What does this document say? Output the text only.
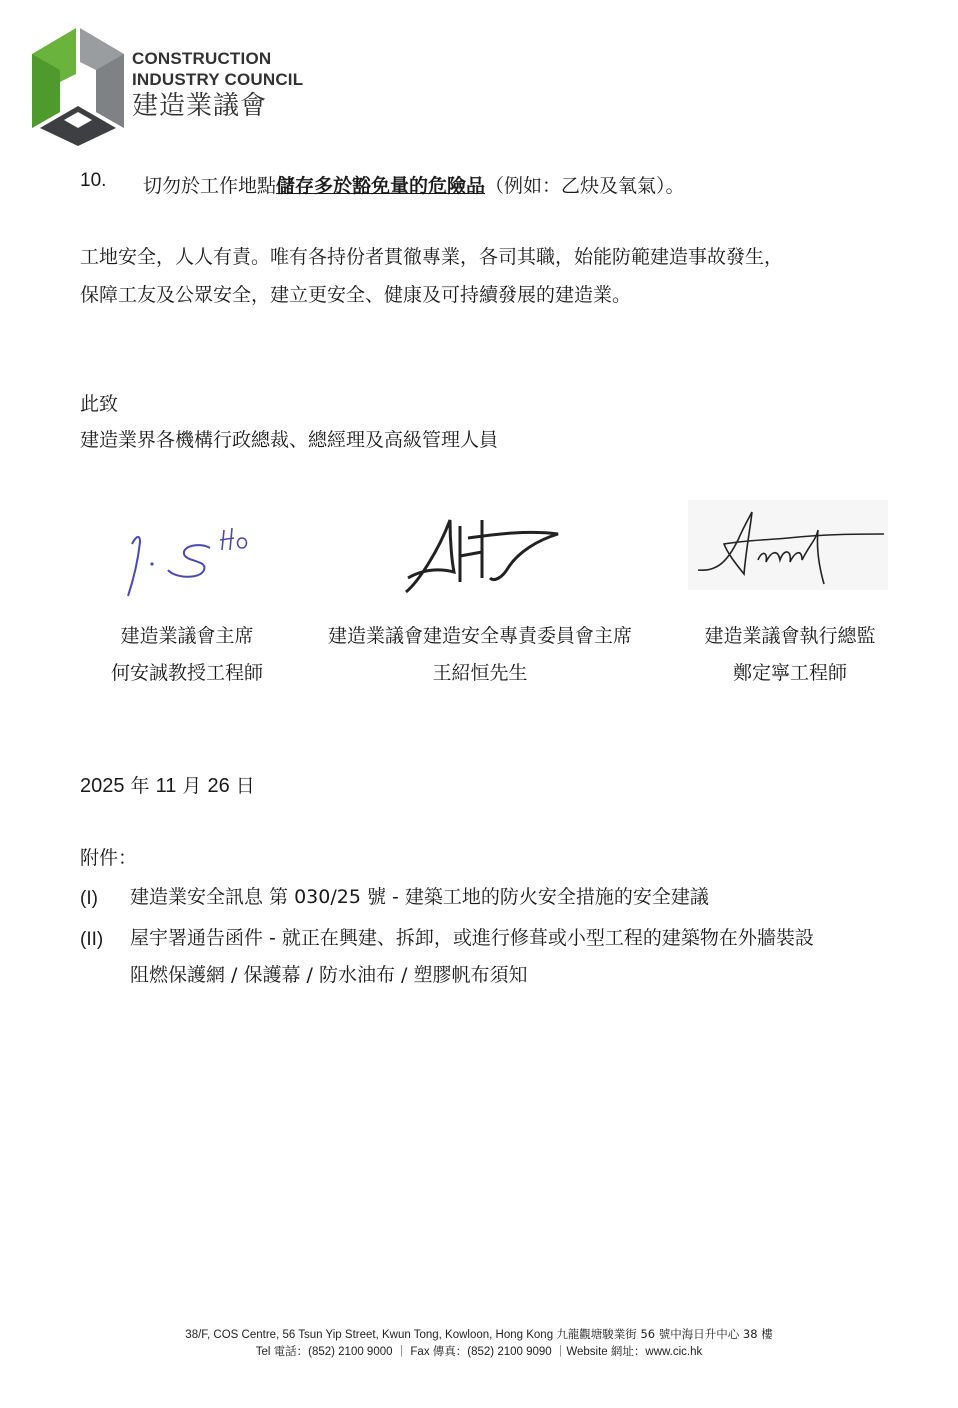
CONSTRUCTION
INDUSTRY COUNCIL
建造業議會
10. 切勿於工作地點儲存多於豁免量的危險品（例如：乙炔及氧氣）。
工地安全，人人有責。唯有各持份者貫徹專業，各司其職，始能防範建造事故發生，
保障工友及公眾安全，建立更安全、健康及可持續發展的建造業。
此致
建造業界各機構行政總裁、總經理及高級管理人員
建造業議會主席
何安誠教授工程師
建造業議會建造安全專責委員會主席
王紹恒先生
建造業議會執行總監
鄭定寧工程師
2025 年 11 月 26 日
附件：
(I) 建造業安全訊息 第 030/25 號 - 建築工地的防火安全措施的安全建議
(II) 屋宇署通告函件 - 就正在興建、拆卸，或進行修葺或小型工程的建築物在外牆裝設
阻燃保護網 / 保護幕 / 防水油布 / 塑膠帆布須知
38/F, COS Centre, 56 Tsun Yip Street, Kwun Tong, Kowloon, Hong Kong 九龍觀塘駿業街 56 號中海日升中心 38 樓
Tel 電話：(852) 2100 9000 ｜ Fax 傳真：(852) 2100 9090 ｜Website 網址：www.cic.hk
